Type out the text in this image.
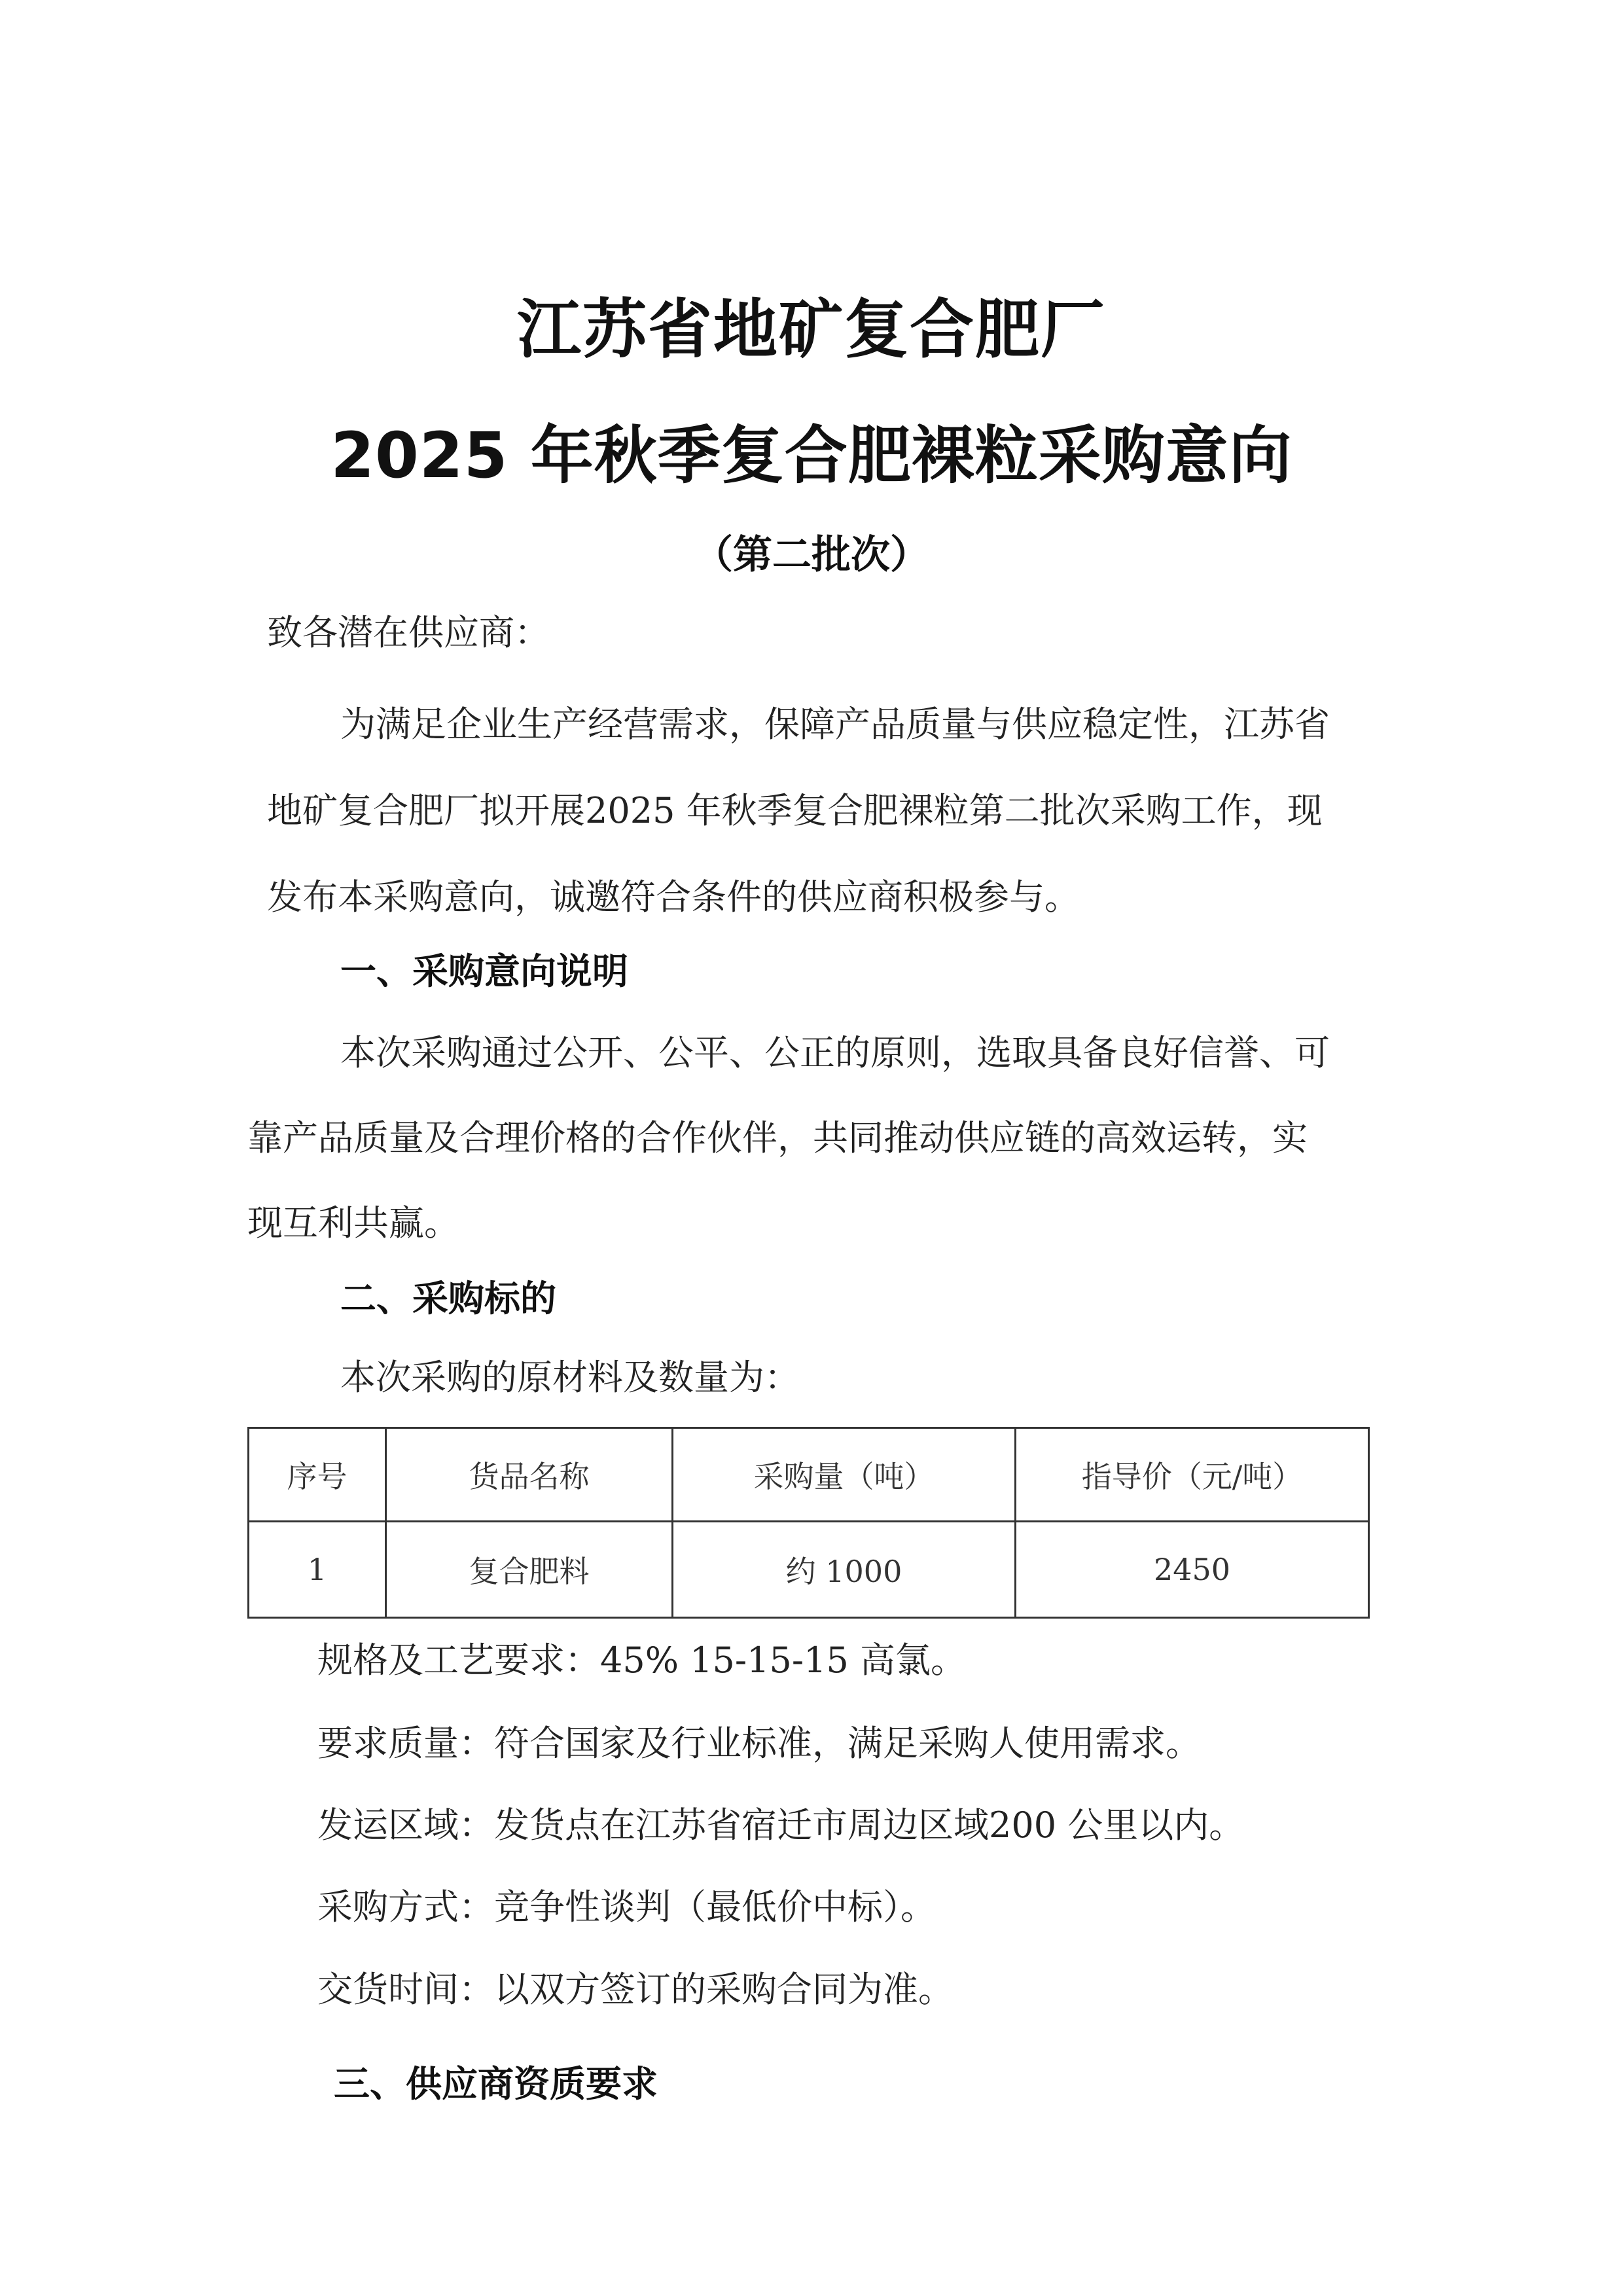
江苏省地矿复合肥厂
2025 年秋季复合肥裸粒采购意向
（第二批次）
致各潜在供应商：
为满足企业生产经营需求，保障产品质量与供应稳定性，江苏省
地矿复合肥厂拟开展2025 年秋季复合肥裸粒第二批次采购工作，现
发布本采购意向，诚邀符合条件的供应商积极参与。
一、采购意向说明
本次采购通过公开、公平、公正的原则，选取具备良好信誉、可
靠产品质量及合理价格的合作伙伴，共同推动供应链的高效运转，实
现互利共赢。
二、采购标的
本次采购的原材料及数量为：
序号	货品名称	采购量（吨）	指导价（元/吨）
1	复合肥料	约 1000	2450
规格及工艺要求：45% 15-15-15 高氯。
要求质量：符合国家及行业标准，满足采购人使用需求。
发运区域：发货点在江苏省宿迁市周边区域200 公里以内。
采购方式：竞争性谈判（最低价中标）。
交货时间：以双方签订的采购合同为准。
三、供应商资质要求
